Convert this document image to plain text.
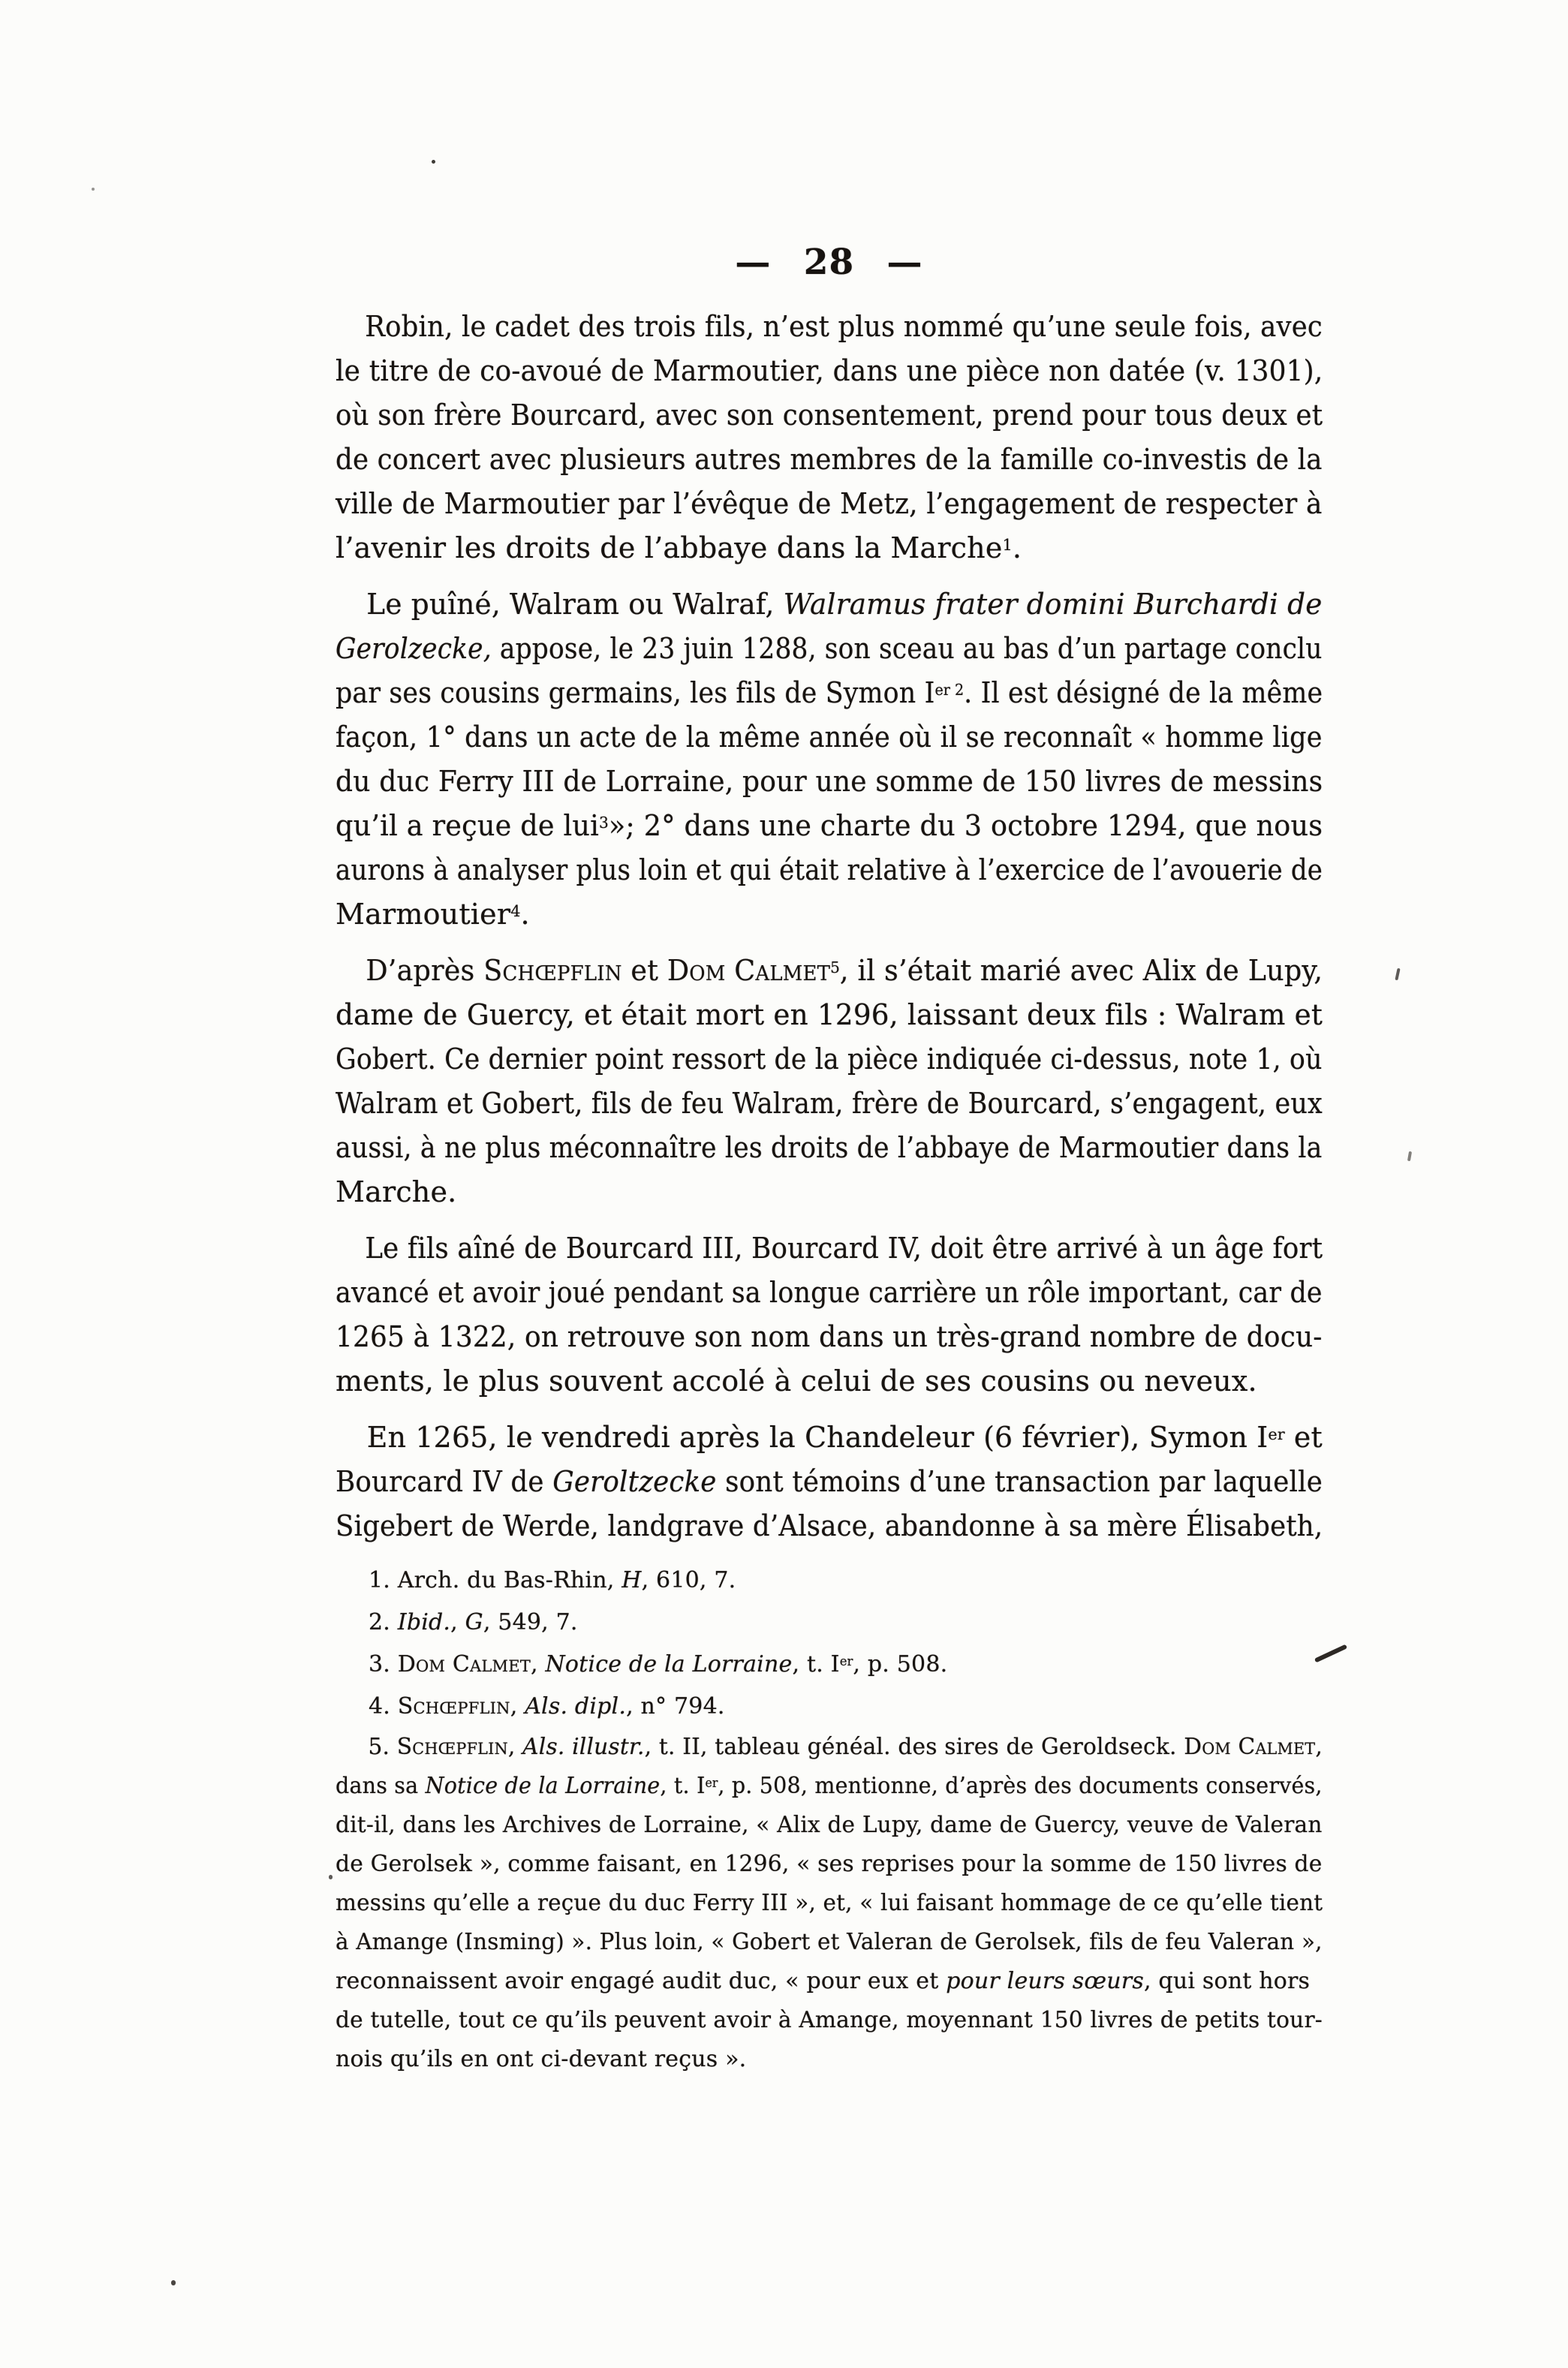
— 28 —
Robin, le cadet des trois fils, n’est plus nommé qu’une seule fois, avec
le titre de co-avoué de Marmoutier, dans une pièce non datée (v. 1301),
où son frère Bourcard, avec son consentement, prend pour tous deux et
de concert avec plusieurs autres membres de la famille co-investis de la
ville de Marmoutier par l’évêque de Metz, l’engagement de respecter à
l’avenir les droits de l’abbaye dans la Marche$^1$.
Le puîné, Walram ou Walraf, Walramus frater domini Burchardi de
Gerolzecke, appose, le 23 juin 1288, son sceau au bas d’un partage conclu
par ses cousins germains, les fils de Symon $I^{er 2}$. Il est désigné de la même
façon, 1° dans un acte de la même année où il se reconnaît « homme lige
du duc Ferry III de Lorraine, pour une somme de 150 livres de messins
qu’il a reçue de lui$^3$»; 2° dans une charte du 3 octobre 1294, que nous
aurons à analyser plus loin et qui était relative à l’exercice de l’avouerie de
Marmoutier$^4$.
D’après Schœpflin et Dom Calmet$^5$, il s’était marié avec Alix de Lupy,
dame de Guercy, et était mort en 1296, laissant deux fils : Walram et
Gobert. Ce dernier point ressort de la pièce indiquée ci-dessus, note 1, où
Walram et Gobert, fils de feu Walram, frère de Bourcard, s’engagent, eux
aussi, à ne plus méconnaître les droits de l’abbaye de Marmoutier dans la
Marche.
Le fils aîné de Bourcard III, Bourcard IV, doit être arrivé à un âge fort
avancé et avoir joué pendant sa longue carrière un rôle important, car de
1265 à 1322, on retrouve son nom dans un très-grand nombre de docu-
ments, le plus souvent accolé à celui de ses cousins ou neveux.
En 1265, le vendredi après la Chandeleur (6 février), Symon Ier et
Bourcard IV de Geroltzecke sont témoins d’une transaction par laquelle
Sigebert de Werde, landgrave d’Alsace, abandonne à sa mère Élisabeth,
1. Arch. du Bas-Rhin, H, 610, 7.
2. Ibid., G, 549, 7.
3. Dom Calmet, Notice de la Lorraine, t. Ier, p. 508.
4. Schœpflin, Als. dipl., n° 794.
5. Schœpflin, Als. illustr., t. II, tableau généal. des sires de Geroldseck. Dom Calmet,
dans sa Notice de la Lorraine, t. Ier, p. 508, mentionne, d’après des documents conservés,
dit-il, dans les Archives de Lorraine, « Alix de Lupy, dame de Guercy, veuve de Valeran
de Gerolsek », comme faisant, en 1296, « ses reprises pour la somme de 150 livres de
messins qu’elle a reçue du duc Ferry III », et, « lui faisant hommage de ce qu’elle tient
à Amange (Insming) ». Plus loin, « Gobert et Valeran de Gerolsek, fils de feu Valeran »,
reconnaissent avoir engagé audit duc, « pour eux et pour leurs sœurs, qui sont hors
de tutelle, tout ce qu’ils peuvent avoir à Amange, moyennant 150 livres de petits tour-
nois qu’ils en ont ci-devant reçus ».
